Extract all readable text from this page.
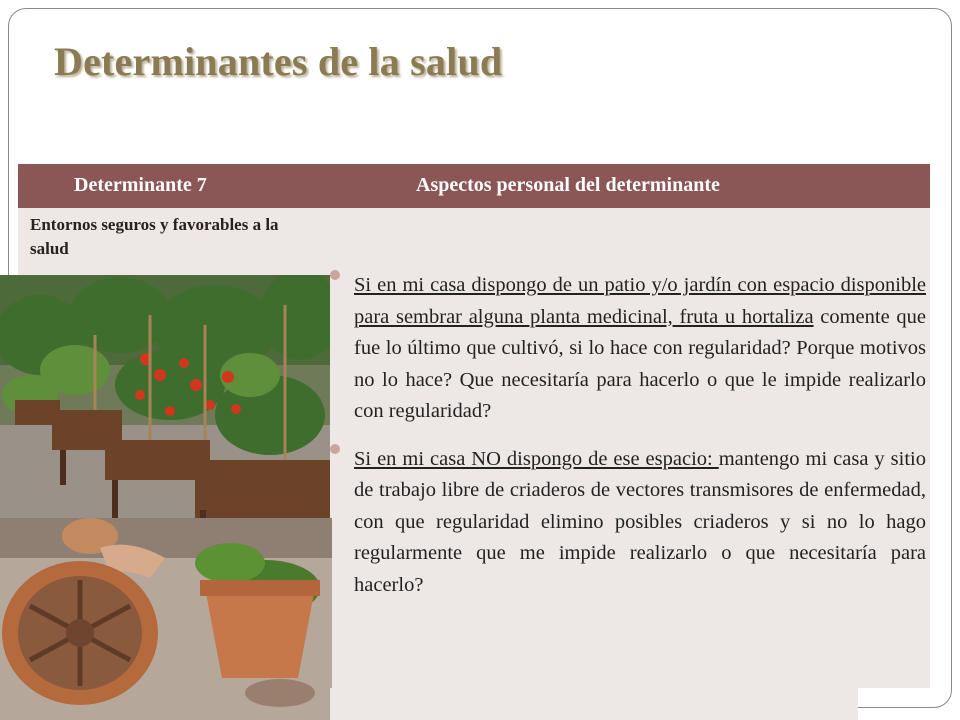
Determinantes de la salud
Determinante 7	Aspectos personal del determinante
Entornos seguros y favorables a la salud
Si en mi casa dispongo de un patio y/o jardín con espacio disponible para sembrar alguna planta medicinal, fruta u hortaliza comente que fue lo último que cultivó, si lo hace con regularidad? Porque motivos no lo hace? Que necesitaría para hacerlo o que le impide realizarlo con regularidad?
Si en mi casa NO dispongo de ese espacio: mantengo mi casa y sitio de trabajo libre de criaderos de vectores transmisores de enfermedad, con que regularidad elimino posibles criaderos y si no lo hago regularmente que me impide realizarlo o que necesitaría para hacerlo?
